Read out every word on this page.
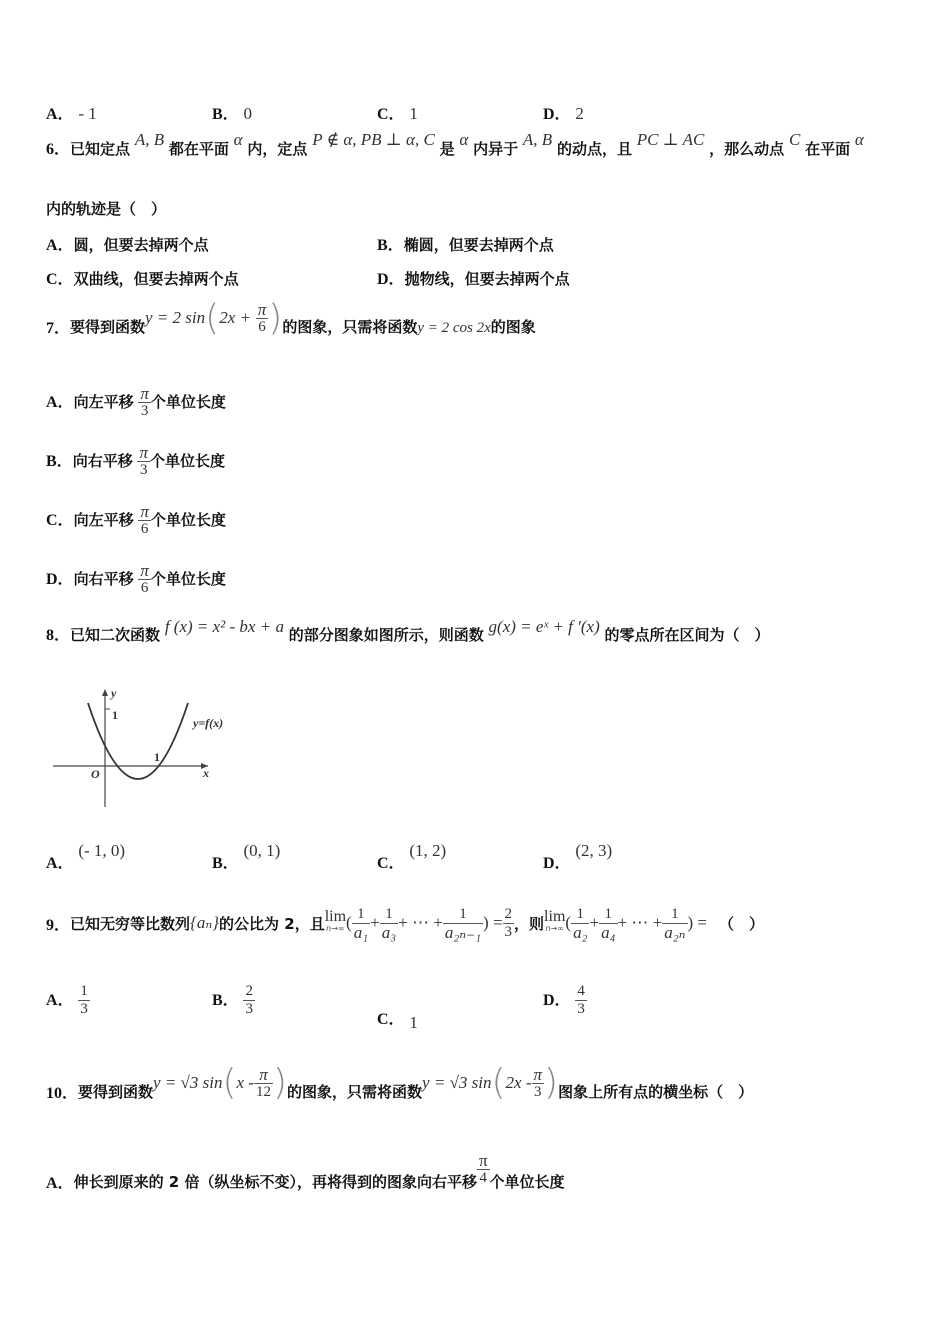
A． - 1	B． 0	C． 1	D． 2
6．已知定点 A, B 都在平面 α 内，定点 P ∉ α, PB ⊥ α, C 是 α 内异于 A, B 的动点，且 PC ⊥ AC ，那么动点 C 在平面 α
内的轨迹是（　）
A．圆，但要去掉两个点	B．椭圆，但要去掉两个点
C．双曲线，但要去掉两个点	D．抛物线，但要去掉两个点
7． 要得到函数 y = 2 $\sin(2x + \frac{\pi}{6}$ ) 的图象，只需将函数 y = 2 cos 2x 的图象
A．向左平移 $\frac{\pi}{3}$ 个单位长度
B．向右平移 $\frac{\pi}{3}$ 个单位长度
C．向左平移 $\frac{\pi}{6}$ 个单位长度
D．向右平移 $\frac{\pi}{6}$ 个单位长度
8．已知二次函数 f (x) = x² - bx + a 的部分图象如图所示，则函数 g(x) = eˣ + f ′(x) 的零点所在区间为（　）
y
x
O
1
1
y=f(x)
A． (- 1, 0)
B． (0, 1)
C． (1, 2)
D． (2, 3)
9． 已知无穷等比数列 {aₙ} 的公比为 2，且 lim
n→∞ ( $\frac{1}{\text{a₁}} + \frac{1}{\text{a₃}}$ + ⋯ + $\frac{1}{\text{a₂ₙ₋₁}}$ ) = $\frac{2}{3}$ ，则 lim
n→∞ ( $\frac{1}{\text{a₂}} + \frac{1}{\text{a₄}}$ + ⋯ + $\frac{1}{\text{a₂ₙ}}$ ) = （　）
A． $\frac{1}{3}$	B． $\frac{2}{3}$
C． 1
D． $\frac{4}{3}$
10． 要得到函数 y = √3 sin ( x - $\frac{\pi}{12}$ ) 的图象，只需将函数 y = √3 sin ( $2x - \frac{\pi}{3}$ ) 图象上所有点的横坐标（　）
A． 伸长到原来的 2 倍（纵坐标不变），再将得到的图象向右平移 $\frac{\pi}{4}$ 个单位长度
